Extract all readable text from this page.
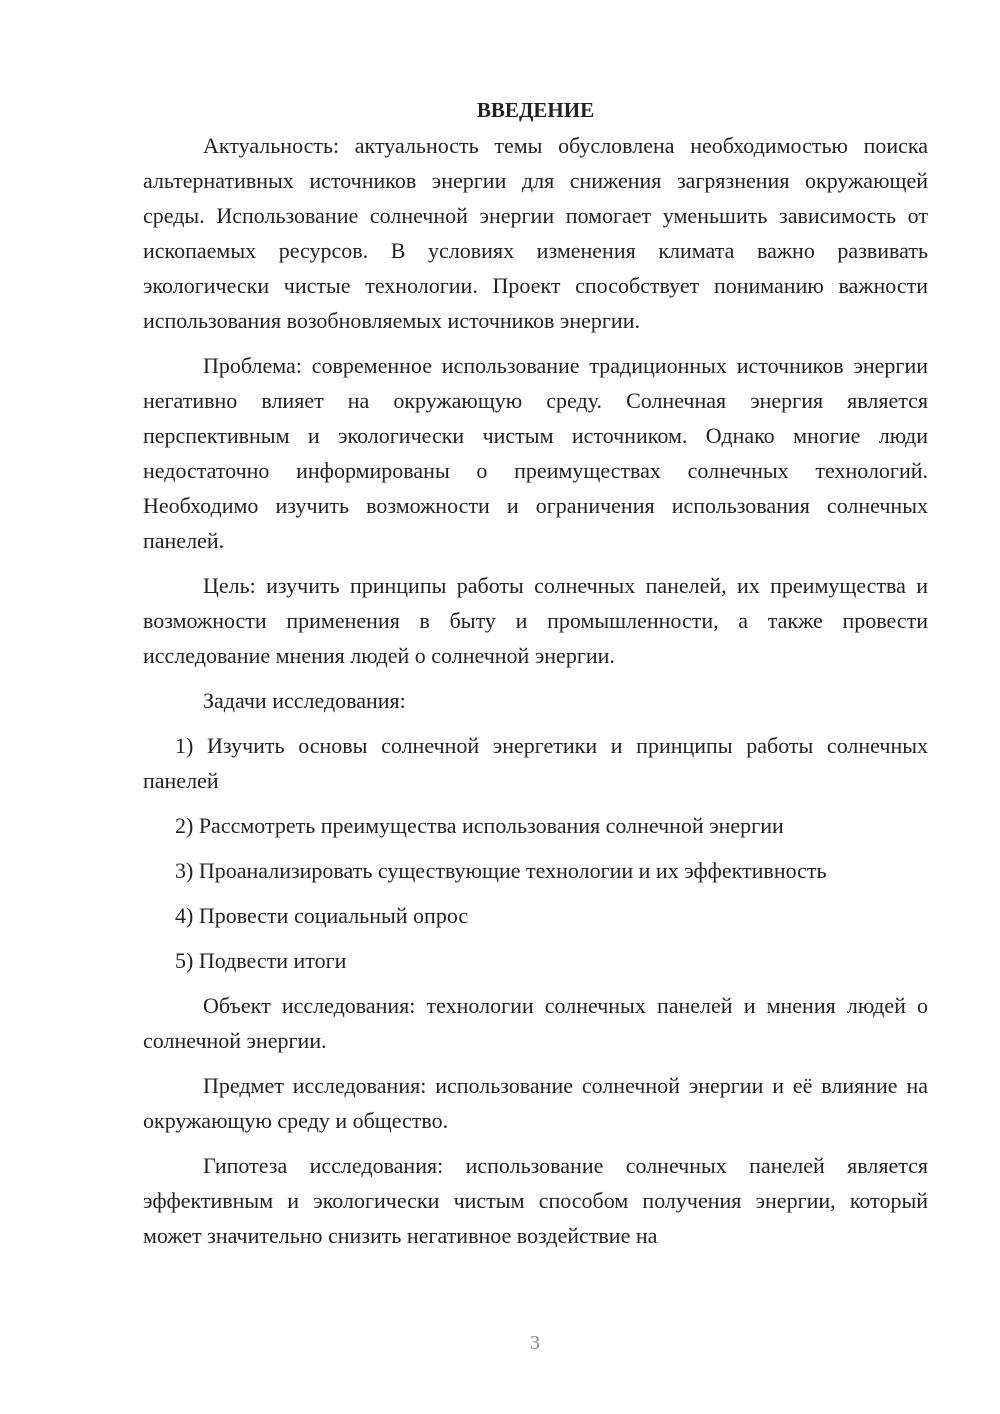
ВВЕДЕНИЕ

Актуальность: актуальность темы обусловлена необходимостью поиска альтернативных источников энергии для снижения загрязнения окружающей среды. Использование солнечной энергии помогает уменьшить зависимость от ископаемых ресурсов. В условиях изменения климата важно развивать экологически чистые технологии. Проект способствует пониманию важности использования возобновляемых источников энергии.

Проблема: современное использование традиционных источников энергии негативно влияет на окружающую среду. Солнечная энергия является перспективным и экологически чистым источником. Однако многие люди недостаточно информированы о преимуществах солнечных технологий. Необходимо изучить возможности и ограничения использования солнечных панелей.

Цель: изучить принципы работы солнечных панелей, их преимущества и возможности применения в быту и промышленности, а также провести исследование мнения людей о солнечной энергии.

Задачи исследования:

1) Изучить основы солнечной энергетики и принципы работы солнечных панелей

2) Рассмотреть преимущества использования солнечной энергии

3) Проанализировать существующие технологии и их эффективность

4) Провести социальный опрос

5) Подвести итоги

Объект исследования: технологии солнечных панелей и мнения людей о солнечной энергии.

Предмет исследования: использование солнечной энергии и её влияние на окружающую среду и общество.

Гипотеза исследования: использование солнечных панелей является эффективным и экологически чистым способом получения энергии, который может значительно снизить негативное воздействие на

3
